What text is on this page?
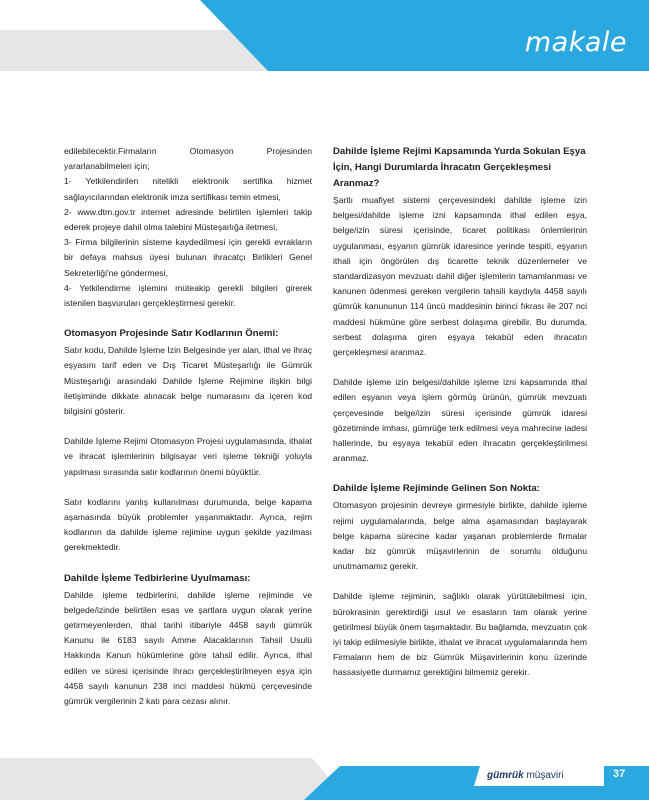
makale

edilebilecektir.Firmaların Otomasyon Projesinden yararlanabilmeleri için;

1- Yetkilendirilen nitelikli elektronik sertifika hizmet sağlayıcılarından elektronik imza sertifikası temin etmesi,

2- www.dtm.gov.tr internet adresinde belirtilen işlemleri takip ederek projeye dahil olma talebini Müsteşarlığa iletmesi,

3- Firma bilgilerinin sisteme kaydedilmesi için gerekli evrakların bir defaya mahsus üyesi bulunan ihracatçı Birlikleri Genel Sekreterliği'ne göndermesi,

4- Yetkilendirme işlemini müteakip gerekli bilgileri girerek istenilen başvuruları gerçekleştirmesi gerekir.

Otomasyon Projesinde Satır Kodlarının Önemi:

Satır kodu, Dahilde İşleme İzin Belgesinde yer alan, ithal ve ihraç eşyasını tarif eden ve Dış Ticaret Müsteşarlığı ile Gümrük Müsteşarlığı arasındaki Dahilde İşleme Rejimine ilişkin bilgi iletişiminde dikkate alınacak belge numarasını da içeren kod bilgisini gösterir.

Dahilde İşleme Rejimi Otomasyon Projesi uygulamasında, ithalat ve ihracat işlemlerinin bilgisayar veri işleme tekniği yoluyla yapılması sırasında satır kodlarının önemi büyüktür.

Satır kodlarını yanlış kullanılması durumunda, belge kapama aşamasında büyük problemler yaşanmaktadır. Ayrıca, rejim kodlarının da dahilde işleme rejimine uygun şekilde yazılması gerekmektedir.

Dahilde İşleme Tedbirlerine Uyulmaması:

Dahilde işleme tedbirlerini, dahilde işleme rejiminde ve belgede/izinde belirtilen esas ve şartlara uygun olarak yerine getirmeyenlerden, ithal tarihi itibariyle 4458 sayılı gümrük Kanunu ile 6183 sayılı Amme Alacaklarının Tahsil Usulü Hakkında Kanun hükümlerine göre tahsil edilir. Ayrıca, ithal edilen ve süresi içerisinde ihracı gerçekleştirilmeyen eşya için 4458 sayılı kanunun 238 inci maddesi hükmü çerçevesinde gümrük vergilerinin 2 katı para cezası alınır.

Dahilde İşleme Rejimi Kapsamında Yurda Sokulan Eşya İçin, Hangi Durumlarda İhracatın Gerçekleşmesi Aranmaz?

Şartlı muafiyet sistemi çerçevesindeki dahilde işleme izin belgesi/dahilde işleme izni kapsamında ithal edilen eşya, belge/izin süresi içerisinde, ticaret politikası önlemlerinin uygulanması, eşyanın gümrük idaresince yerinde tespiti, eşyanın ithali için öngörülen dış ticarette teknik düzenlemeler ve standardizasyon mevzuatı dahil diğer işlemlerin tamamlanması ve kanunen ödenmesi gereken vergilerin tahsili kaydıyla 4458 sayılı gümrük kanununun 114 üncü maddesinin birinci fıkrası ile 207 nci maddesi hükmüne göre serbest dolaşıma girebilir. Bu durumda, serbest dolaşıma giren eşyaya tekabül eden ihracatın gerçekleşmesi aranmaz.

Dahilde işleme izin belgesi/dahilde işleme izni kapsamında ithal edilen eşyanın veya işlem görmüş ürünün, gümrük mevzuatı çerçevesinde belge/izin süresi içerisinde gümrük idaresi gözetiminde imhası, gümrüğe terk edilmesi veya mahrecine iadesi hallerinde, bu eşyaya tekabül eden ihracatın gerçekleştirilmesi aranmaz.

Dahilde İşleme Rejiminde Gelinen Son Nokta:

Otomasyon projesinin devreye girmesiyle birlikte, dahilde işleme rejimi uygulamalarında, belge alma aşamasından başlayarak belge kapama sürecine kadar yaşanan problemlerde firmalar kadar biz gümrük müşavirlerinin de sorumlu olduğunu unutmamamız gerekir.

Dahilde işleme rejiminin, sağlıklı olarak yürütülebilmesi için, bürokrasinin gerektirdiği usul ve esasların tam olarak yerine getirilmesi büyük önem taşımaktadır. Bu bağlamda, mevzuatın çok iyi takip edilmesiyle birlikte, ithalat ve ihracat uygulamalarında hem Firmaların hem de biz Gümrük Müşavirlerinin konu üzerinde hassasiyetle durmamız gerektiğini bilmemiz gerekir.

gümrük müşaviri	37
